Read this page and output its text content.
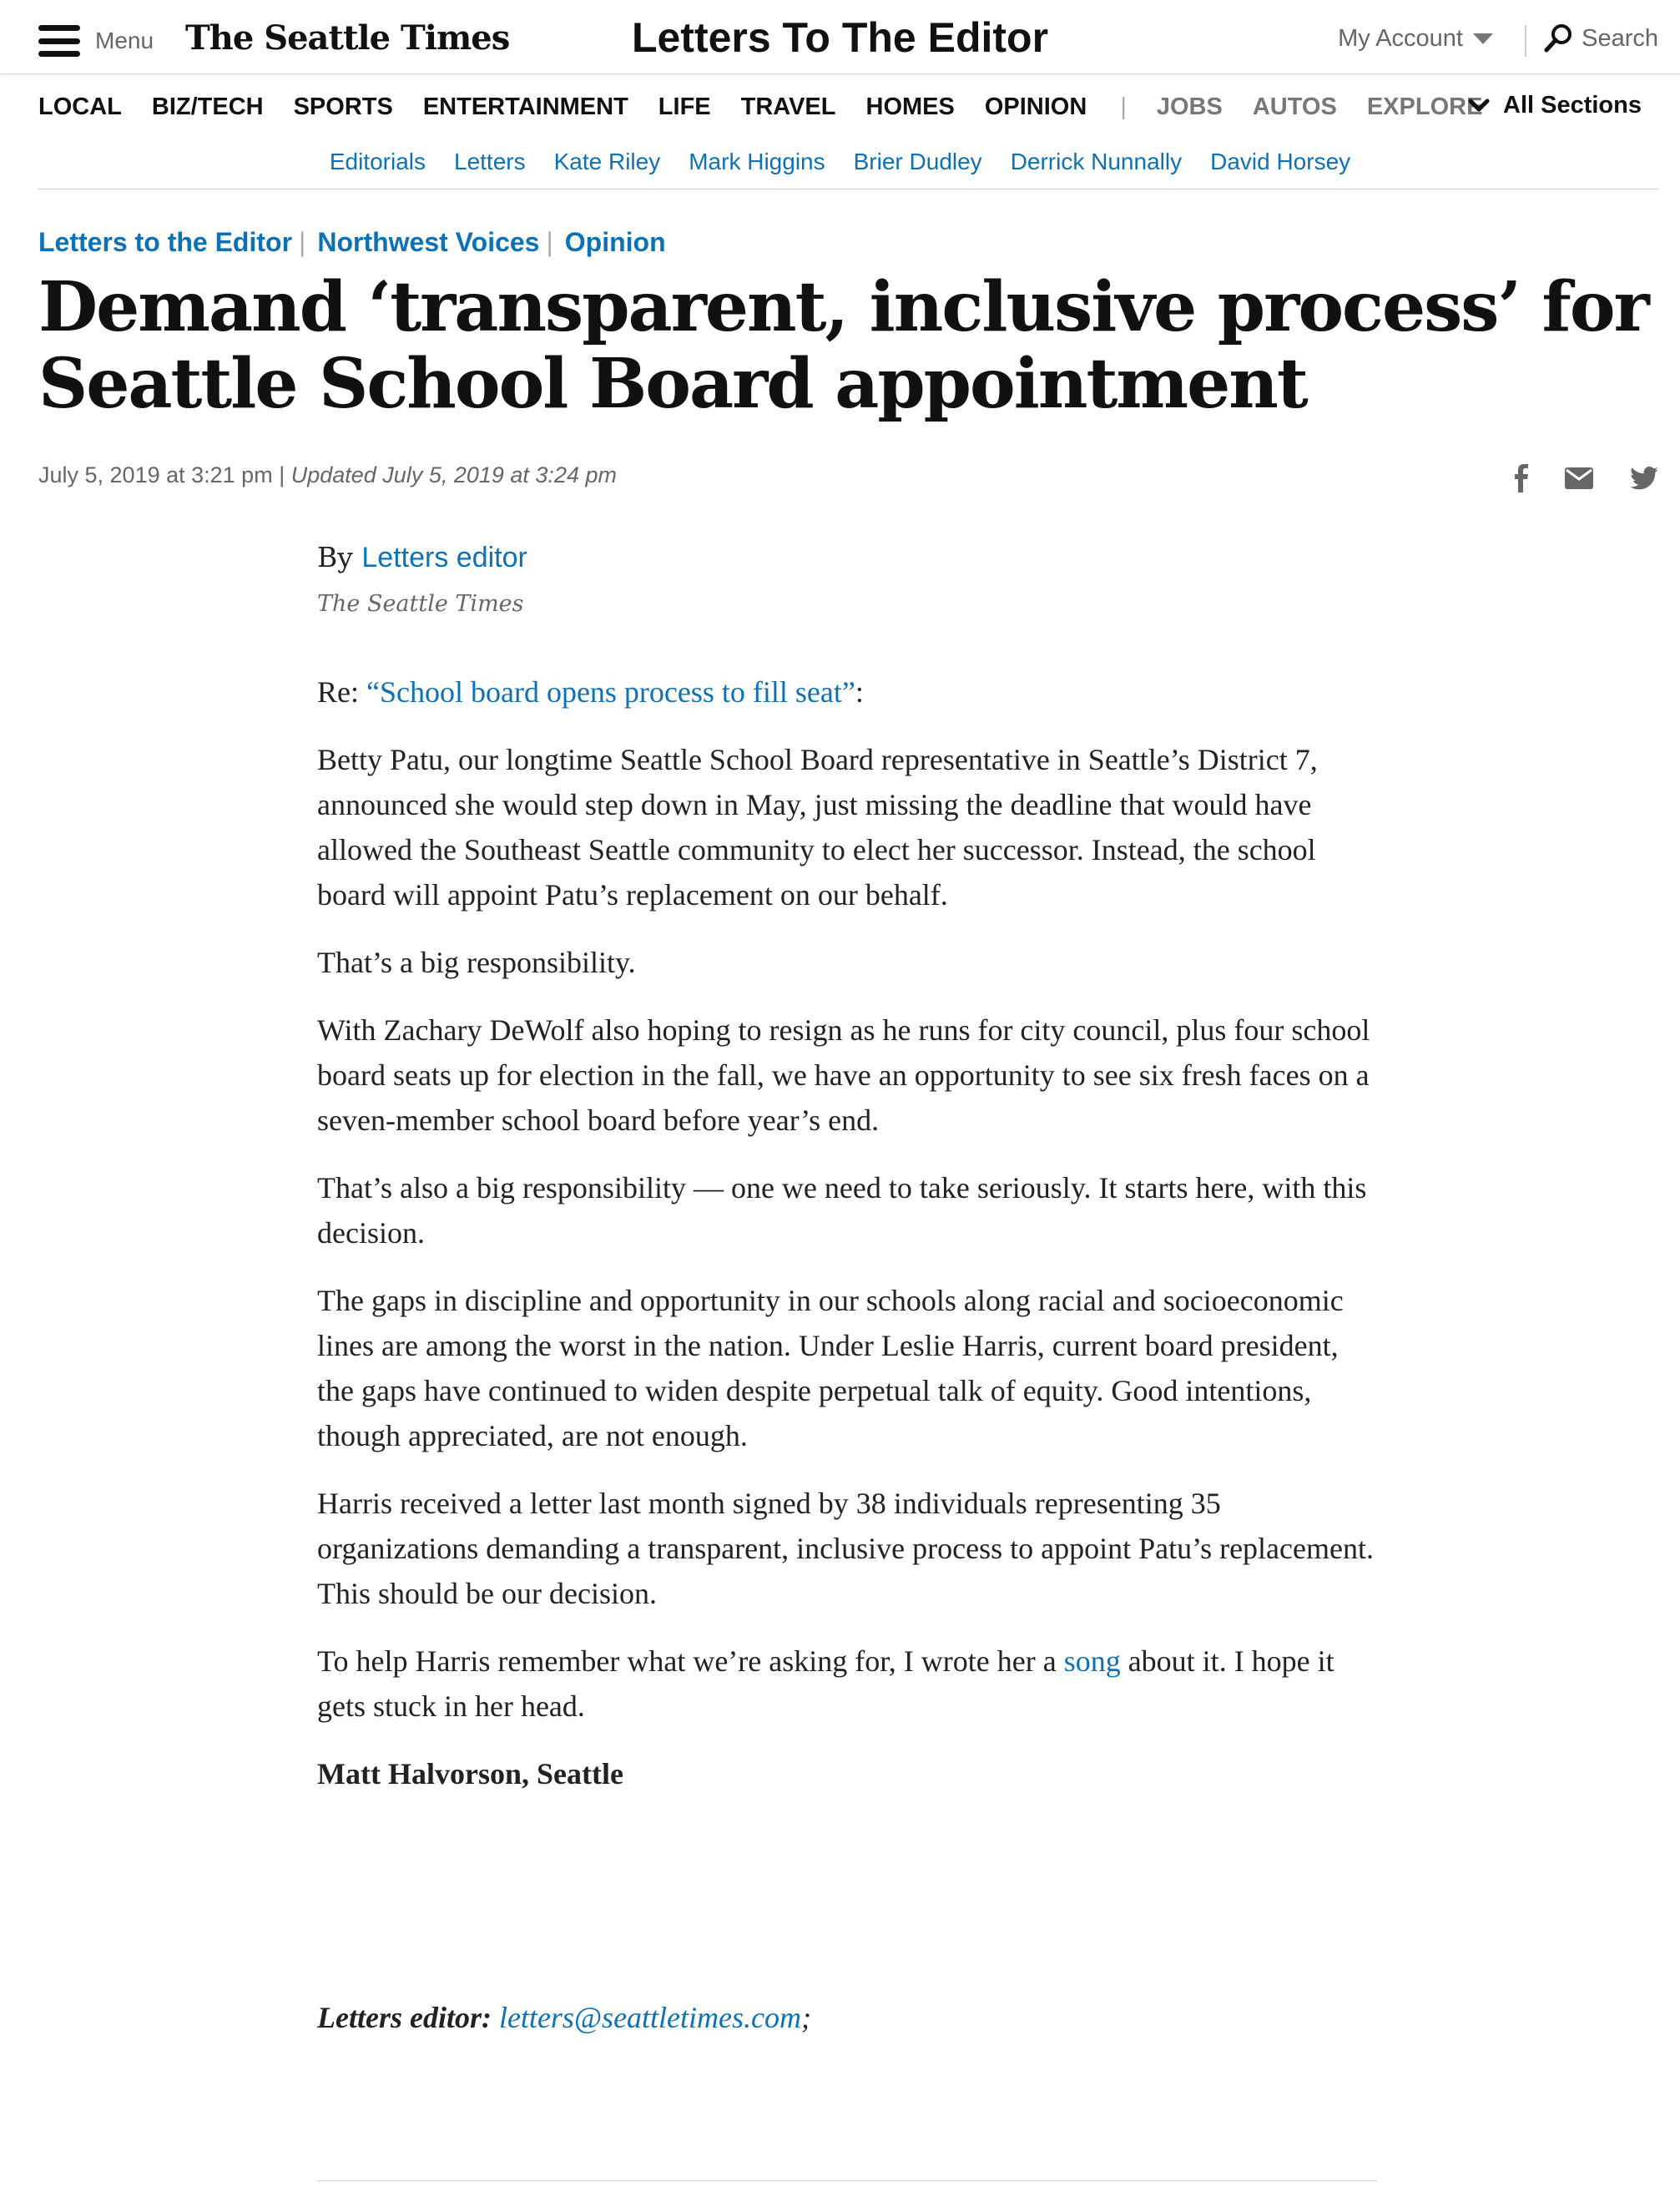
Menu The Seattle Times	Letters To The Editor	My Account	Search
LOCAL BIZ/TECH SPORTS ENTERTAINMENT LIFE TRAVEL HOMES OPINION | JOBS AUTOS EXPLORE All Sections
Editorials Letters Kate Riley Mark Higgins Brier Dudley Derrick Nunnally David Horsey
Letters to the Editor | Northwest Voices | Opinion
Demand ‘transparent, inclusive process’ for Seattle School Board appointment
July 5, 2019 at 3:21 pm | Updated July 5, 2019 at 3:24 pm
By Letters editor
The Seattle Times

Re: “School board opens process to fill seat”:

Betty Patu, our longtime Seattle School Board representative in Seattle’s District 7, announced she would step down in May, just missing the deadline that would have allowed the Southeast Seattle community to elect her successor. Instead, the school board will appoint Patu’s replacement on our behalf.

That’s a big responsibility.

With Zachary DeWolf also hoping to resign as he runs for city council, plus four school board seats up for election in the fall, we have an opportunity to see six fresh faces on a seven-member school board before year’s end.

That’s also a big responsibility — one we need to take seriously. It starts here, with this decision.

The gaps in discipline and opportunity in our schools along racial and socioeconomic lines are among the worst in the nation. Under Leslie Harris, current board president, the gaps have continued to widen despite perpetual talk of equity. Good intentions, though appreciated, are not enough.

Harris received a letter last month signed by 38 individuals representing 35 organizations demanding a transparent, inclusive process to appoint Patu’s replacement. This should be our decision.

To help Harris remember what we’re asking for, I wrote her a song about it. I hope it gets stuck in her head.

Matt Halvorson, Seattle

Letters editor: letters@seattletimes.com;
